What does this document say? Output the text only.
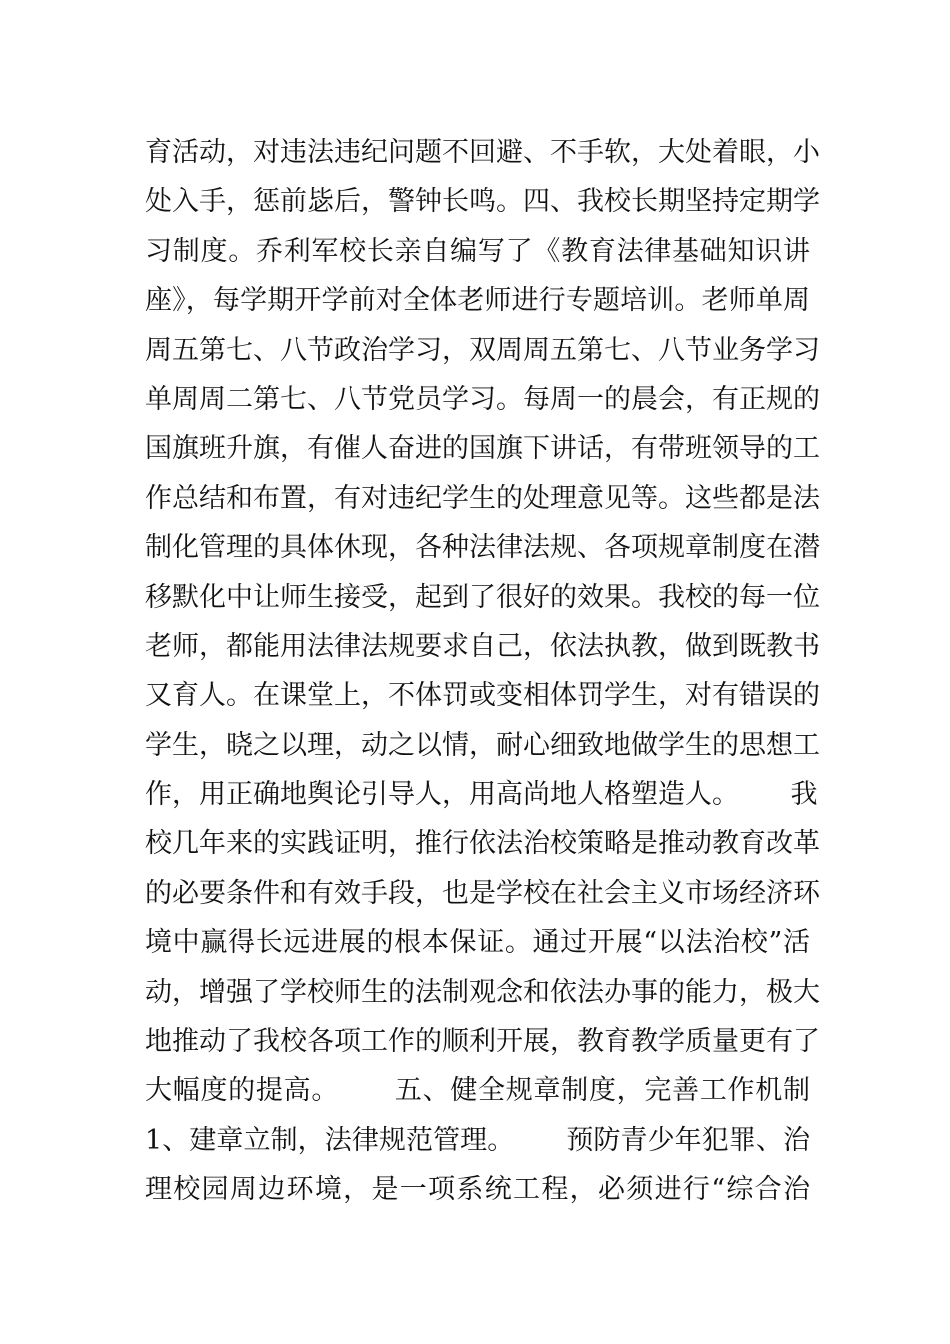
育活动，对违法违纪问题不回避、不手软，大处着眼，小
处入手，惩前毖后，警钟长鸣。四、我校长期坚持定期学
习制度。乔利军校长亲自编写了《教育法律基础知识讲
座》，每学期开学前对全体老师进行专题培训。老师单周
周五第七、八节政治学习，双周周五第七、八节业务学习
单周周二第七、八节党员学习。每周一的晨会，有正规的
国旗班升旗，有催人奋进的国旗下讲话，有带班领导的工
作总结和布置，有对违纪学生的处理意见等。这些都是法
制化管理的具体休现，各种法律法规、各项规章制度在潜
移默化中让师生接受，起到了很好的效果。我校的每一位
老师，都能用法律法规要求自己，依法执教，做到既教书
又育人。在课堂上，不体罚或变相体罚学生，对有错误的
学生，晓之以理，动之以情，耐心细致地做学生的思想工
作，用正确地舆论引导人，用高尚地人格塑造人。      我
校几年来的实践证明，推行依法治校策略是推动教育改革
的必要条件和有效手段，也是学校在社会主义市场经济环
境中赢得长远进展的根本保证。通过开展“以法治校”活
动，增强了学校师生的法制观念和依法办事的能力，极大
地推动了我校各项工作的顺利开展，教育教学质量更有了
大幅度的提高。      五、健全规章制度，完善工作机制
1、建章立制，法律规范管理。      预防青少年犯罪、治
理校园周边环境，是一项系统工程，必须进行“综合治
